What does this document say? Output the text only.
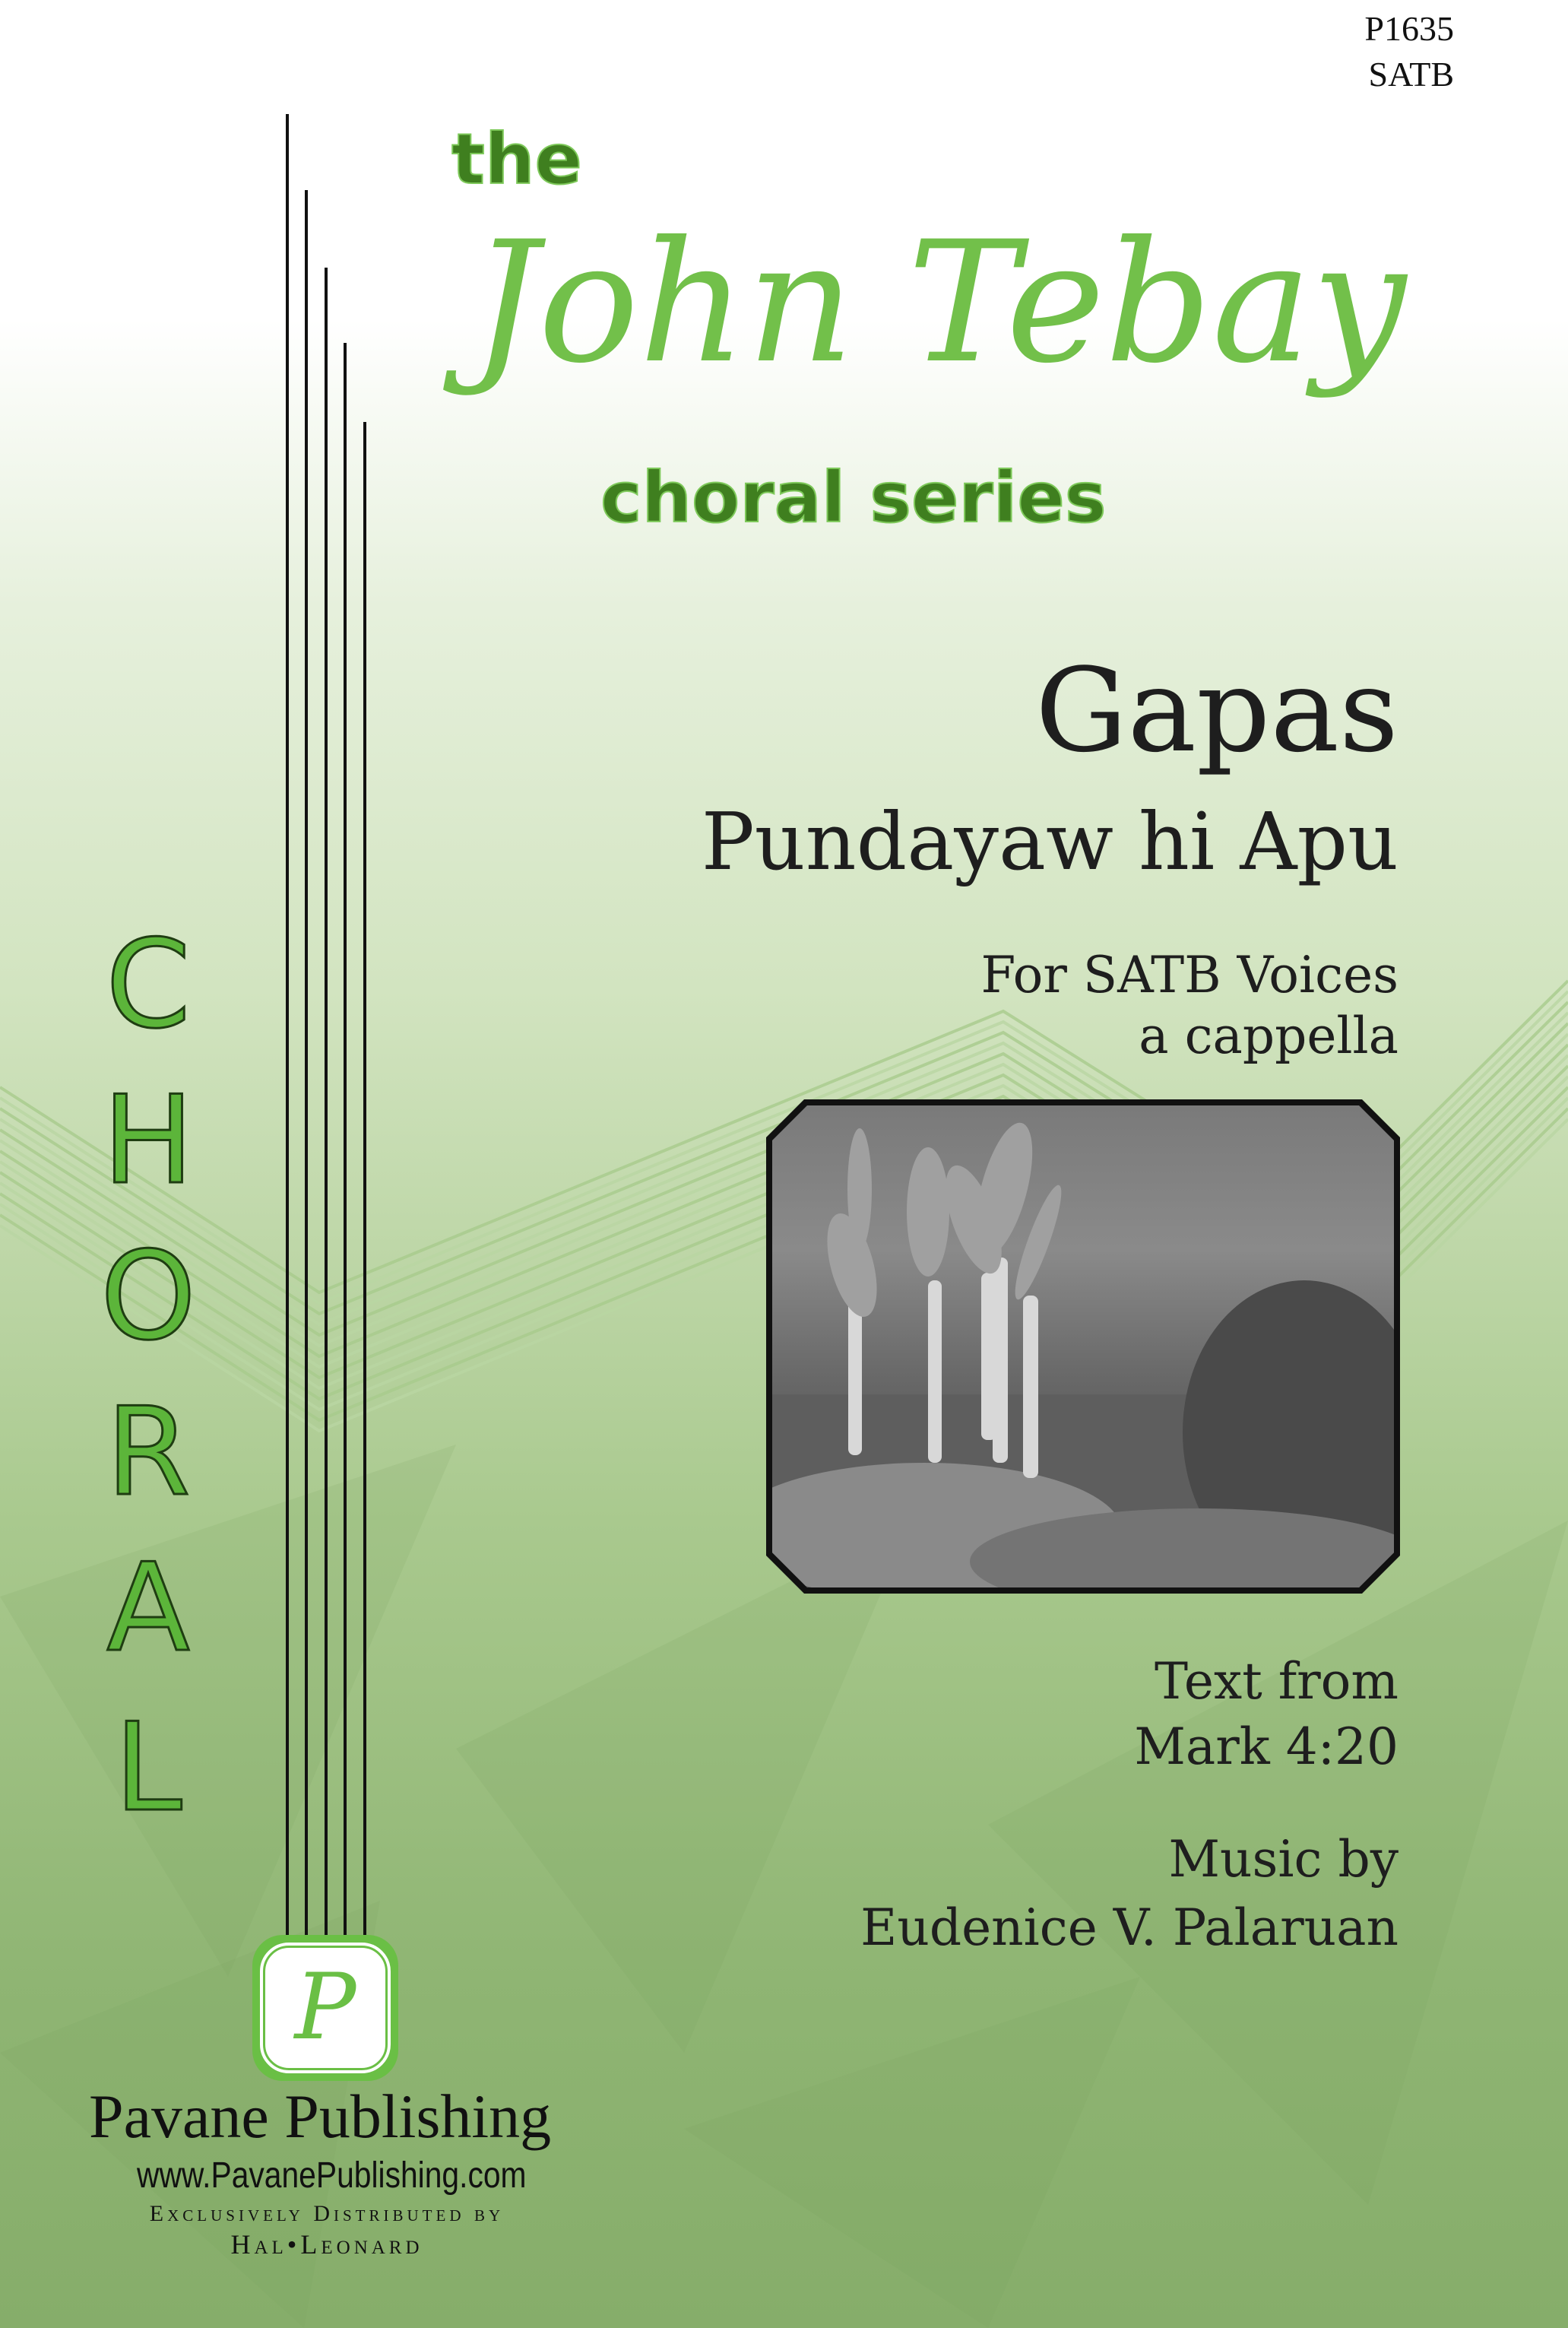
P1635
SATB
the
John Tebay
choral series
Gapas
Pundayaw hi Apu
For SATB Voices
a cappella
Text from
Mark 4:20
Music by
Eudenice V. Palaruan
C
H
O
R
A
L
P
Pavane Publishing
www.PavanePublishing.com
Exclusively Distributed by
Hal•Leonard
